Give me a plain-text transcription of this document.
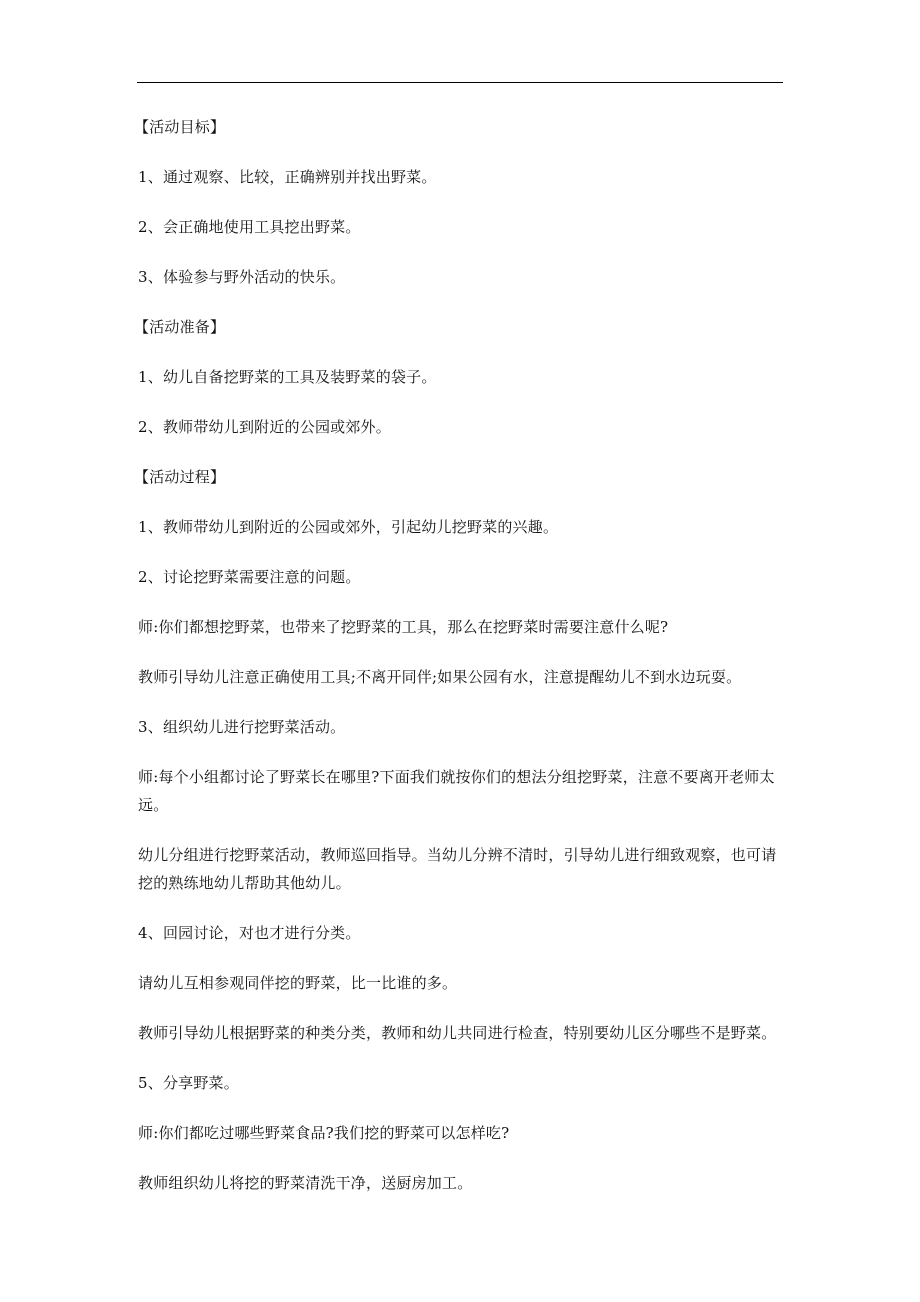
【活动目标】

1、通过观察、比较，正确辨别并找出野菜。

2、会正确地使用工具挖出野菜。

3、体验参与野外活动的快乐。

【活动准备】

1、幼儿自备挖野菜的工具及装野菜的袋子。

2、教师带幼儿到附近的公园或郊外。

【活动过程】

1、教师带幼儿到附近的公园或郊外，引起幼儿挖野菜的兴趣。

2、讨论挖野菜需要注意的问题。

师:你们都想挖野菜，也带来了挖野菜的工具，那么在挖野菜时需要注意什么呢?

教师引导幼儿注意正确使用工具;不离开同伴;如果公园有水，注意提醒幼儿不到水边玩耍。

3、组织幼儿进行挖野菜活动。

师:每个小组都讨论了野菜长在哪里?下面我们就按你们的想法分组挖野菜，注意不要离开老师太远。

幼儿分组进行挖野菜活动，教师巡回指导。当幼儿分辨不清时，引导幼儿进行细致观察，也可请挖的熟练地幼儿帮助其他幼儿。

4、回园讨论，对也才进行分类。

请幼儿互相参观同伴挖的野菜，比一比谁的多。

教师引导幼儿根据野菜的种类分类，教师和幼儿共同进行检查，特别要幼儿区分哪些不是野菜。

5、分享野菜。

师:你们都吃过哪些野菜食品?我们挖的野菜可以怎样吃?

教师组织幼儿将挖的野菜清洗干净，送厨房加工。
